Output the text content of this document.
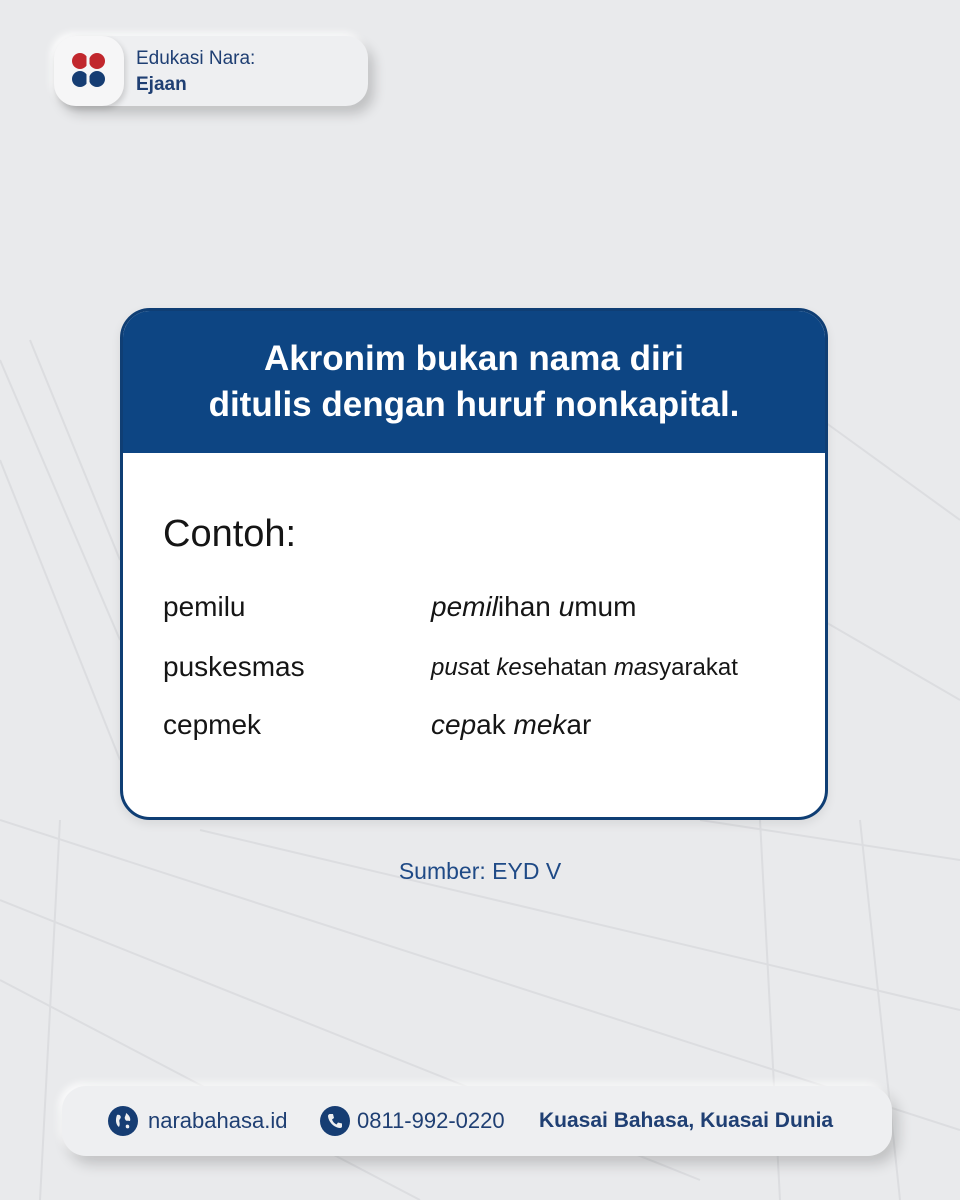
Edukasi Nara:
Ejaan
Akronim bukan nama diri
ditulis dengan huruf nonkapital.
Contoh:
pemilu	pemilihan umum
puskesmas	pusat kesehatan masyarakat
cepmek	cepak mekar
Sumber: EYD V
narabahasa.id	0811-992-0220 Kuasai Bahasa, Kuasai Dunia
